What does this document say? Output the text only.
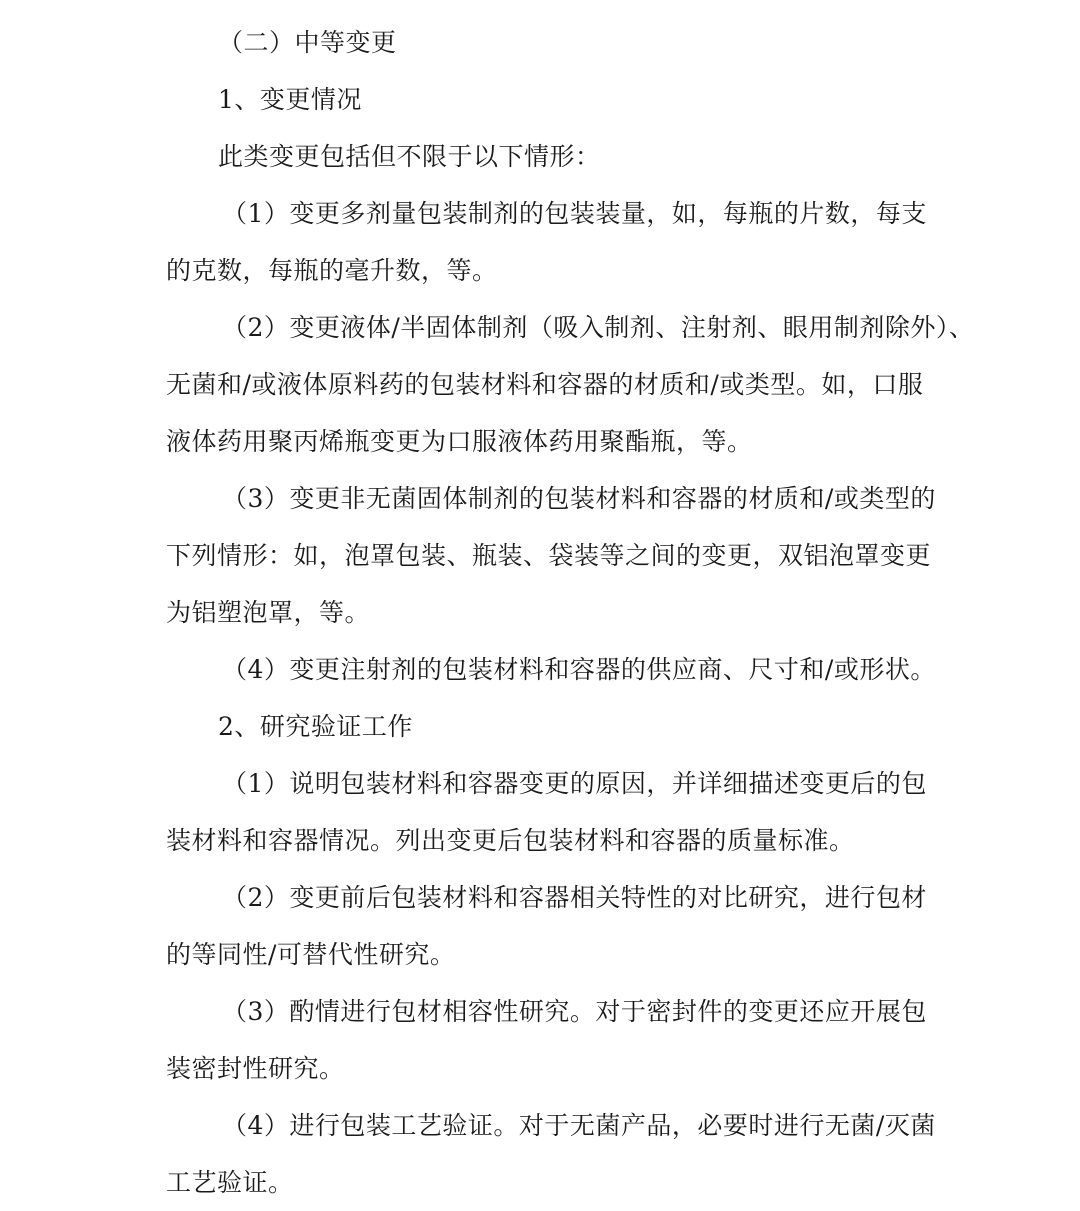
（二）中等变更
1、变更情况
此类变更包括但不限于以下情形：
（1）变更多剂量包装制剂的包装装量，如，每瓶的片数，每支
的克数，每瓶的毫升数，等。
（2）变更液体/半固体制剂（吸入制剂、注射剂、眼用制剂除外）、
无菌和/或液体原料药的包装材料和容器的材质和/或类型。如，口服
液体药用聚丙烯瓶变更为口服液体药用聚酯瓶，等。
（3）变更非无菌固体制剂的包装材料和容器的材质和/或类型的
下列情形：如，泡罩包装、瓶装、袋装等之间的变更，双铝泡罩变更
为铝塑泡罩，等。
（4）变更注射剂的包装材料和容器的供应商、尺寸和/或形状。
2、研究验证工作
（1）说明包装材料和容器变更的原因，并详细描述变更后的包
装材料和容器情况。列出变更后包装材料和容器的质量标准。
（2）变更前后包装材料和容器相关特性的对比研究，进行包材
的等同性/可替代性研究。
（3）酌情进行包材相容性研究。对于密封件的变更还应开展包
装密封性研究。
（4）进行包装工艺验证。对于无菌产品，必要时进行无菌/灭菌
工艺验证。
